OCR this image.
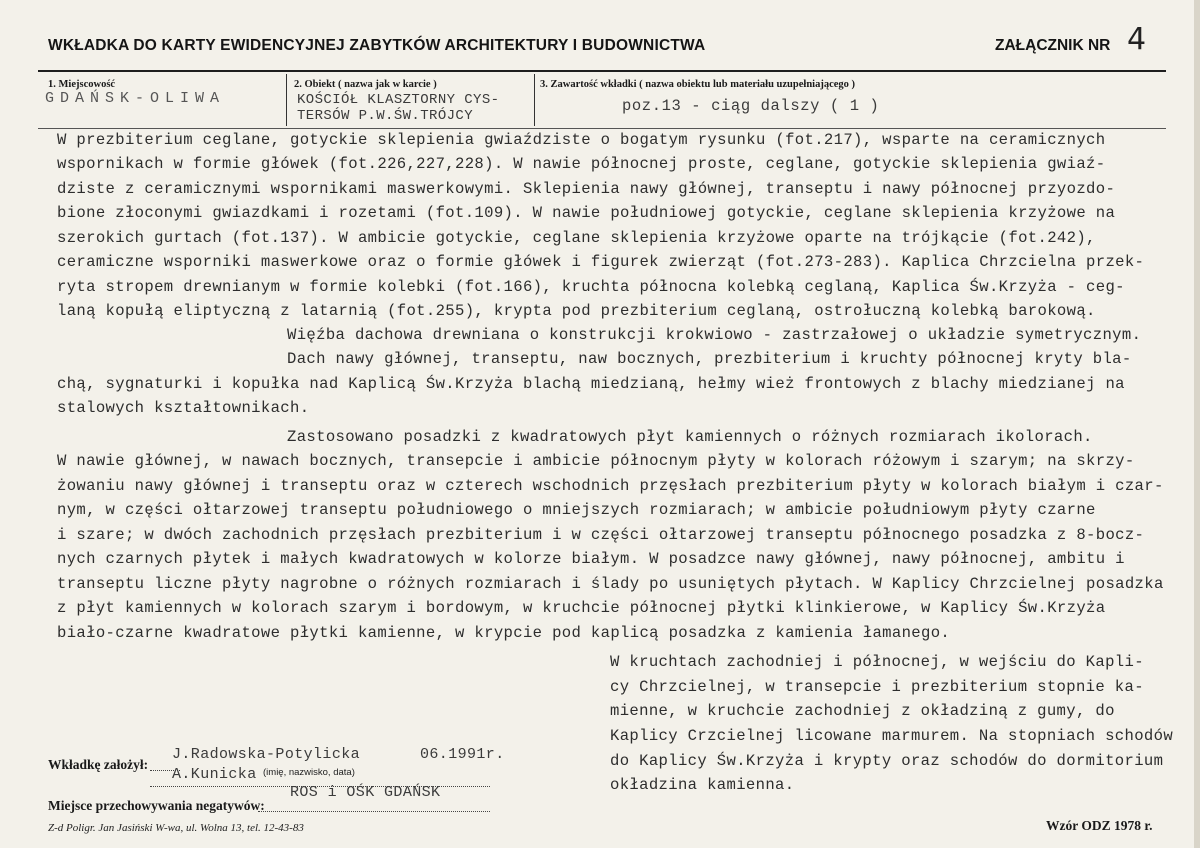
WKŁADKA DO KARTY EWIDENCYJNEJ ZABYTKÓW ARCHITEKTURY I BUDOWNICTWA	ZAŁĄCZNIK NR 4
1. Miejscowość
GDAŃSK-OLIWA
2. Obiekt ( nazwa jak w karcie )
KOŚCIÓŁ KLASZTORNY CYS-
TERSÓW P.W.ŚW.TRÓJCY
3. Zawartość wkładki ( nazwa obiektu lub materiału uzupełniającego )
poz.13 - ciąg dalszy ( 1 )
W prezbiterium ceglane, gotyckie sklepienia gwiaździste o bogatym rysunku (fot.217), wsparte na ceramicznych
wspornikach w formie główek (fot.226,227,228). W nawie północnej proste, ceglane, gotyckie sklepienia gwiaź-
dziste z ceramicznymi wspornikami maswerkowymi. Sklepienia nawy głównej, transeptu i nawy północnej przyozdo-
bione złoconymi gwiazdkami i rozetami (fot.109). W nawie południowej gotyckie, ceglane sklepienia krzyżowe na
szerokich gurtach (fot.137). W ambicie gotyckie, ceglane sklepienia krzyżowe oparte na trójkącie (fot.242),
ceramiczne wsporniki maswerkowe oraz o formie główek i figurek zwierząt (fot.273-283). Kaplica Chrzcielna przek-
ryta stropem drewnianym w formie kolebki (fot.166), kruchta północna kolebką ceglaną, Kaplica Św.Krzyża - ceg-
laną kopułą eliptyczną z latarnią (fot.255), krypta pod prezbiterium ceglaną, ostrołuczną kolebką barokową.
Więźba dachowa drewniana o konstrukcji krokwiowo - zastrzałowej o układzie symetrycznym.
Dach nawy głównej, transeptu, naw bocznych, prezbiterium i kruchty północnej kryty bla-
chą, sygnaturki i kopułka nad Kaplicą Św.Krzyża blachą miedzianą, hełmy wież frontowych z blachy miedzianej na
stalowych kształtownikach.
Zastosowano posadzki z kwadratowych płyt kamiennych o różnych rozmiarach ikolorach.
W nawie głównej, w nawach bocznych, transepcie i ambicie północnym płyty w kolorach różowym i szarym; na skrzy-
żowaniu nawy głównej i transeptu oraz w czterech wschodnich przęsłach prezbiterium płyty w kolorach białym i czar-
nym, w części ołtarzowej transeptu południowego o mniejszych rozmiarach; w ambicie południowym płyty czarne
i szare; w dwóch zachodnich przęsłach prezbiterium i w części ołtarzowej transeptu północnego posadzka z 8-bocz-
nych czarnych płytek i małych kwadratowych w kolorze białym. W posadzce nawy głównej, nawy północnej, ambitu i
transeptu liczne płyty nagrobne o różnych rozmiarach i ślady po usuniętych płytach. W Kaplicy Chrzcielnej posadzka
z płyt kamiennych w kolorach szarym i bordowym, w kruchcie północnej płytki klinkierowe, w Kaplicy Św.Krzyża
biało-czarne kwadratowe płytki kamienne, w krypcie pod kaplicą posadzka z kamienia łamanego.
W kruchtach zachodniej i północnej, w wejściu do Kapli-
cy Chrzcielnej, w transepcie i prezbiterium stopnie ka-
mienne, w kruchcie zachodniej z okładziną z gumy, do
Kaplicy Crzcielnej licowane marmurem. Na stopniach schodów
do Kaplicy Św.Krzyża i krypty oraz schodów do dormitorium
okładzina kamienna.
Wkładkę założył:
J.Radowska-Potylicka	06.1991r.
A.Kunicka (imię, nazwisko, data)
Miejsce przechowywania negatywów:
ROS i OŚK GDAŃSK
Z-d Poligr. Jan Jasiński W-wa, ul. Wolna 13, tel. 12-43-83	Wzór ODZ 1978 r.
